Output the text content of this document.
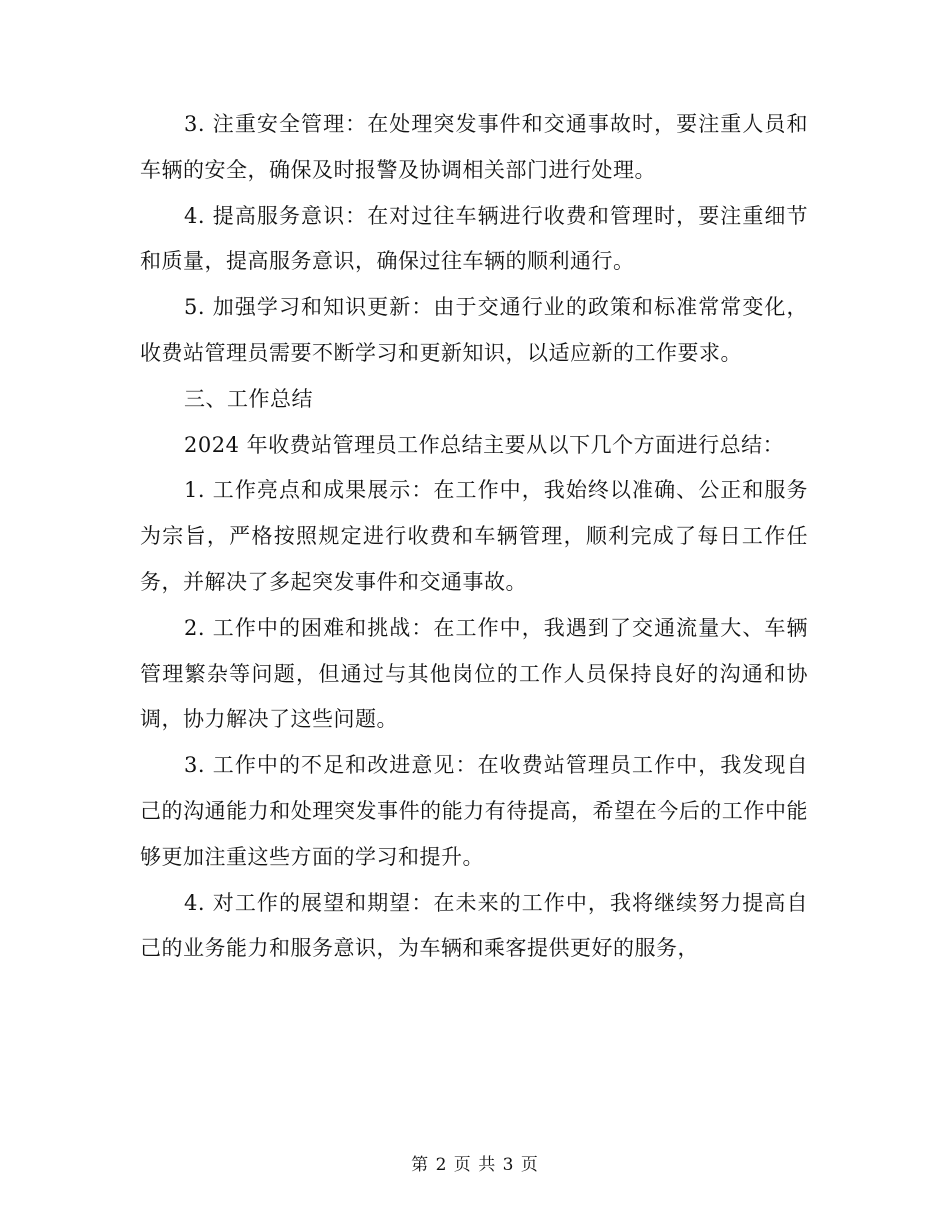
3. 注重安全管理：在处理突发事件和交通事故时，要注重人员和车辆的安全，确保及时报警及协调相关部门进行处理。

4. 提高服务意识：在对过往车辆进行收费和管理时，要注重细节和质量，提高服务意识，确保过往车辆的顺利通行。

5. 加强学习和知识更新：由于交通行业的政策和标准常常变化，收费站管理员需要不断学习和更新知识，以适应新的工作要求。

三、工作总结

2024 年收费站管理员工作总结主要从以下几个方面进行总结：

1. 工作亮点和成果展示：在工作中，我始终以准确、公正和服务为宗旨，严格按照规定进行收费和车辆管理，顺利完成了每日工作任务，并解决了多起突发事件和交通事故。

2. 工作中的困难和挑战：在工作中，我遇到了交通流量大、车辆管理繁杂等问题，但通过与其他岗位的工作人员保持良好的沟通和协调，协力解决了这些问题。

3. 工作中的不足和改进意见：在收费站管理员工作中，我发现自己的沟通能力和处理突发事件的能力有待提高，希望在今后的工作中能够更加注重这些方面的学习和提升。

4. 对工作的展望和期望：在未来的工作中，我将继续努力提高自己的业务能力和服务意识，为车辆和乘客提供更好的服务，

第 2 页 共 3 页
